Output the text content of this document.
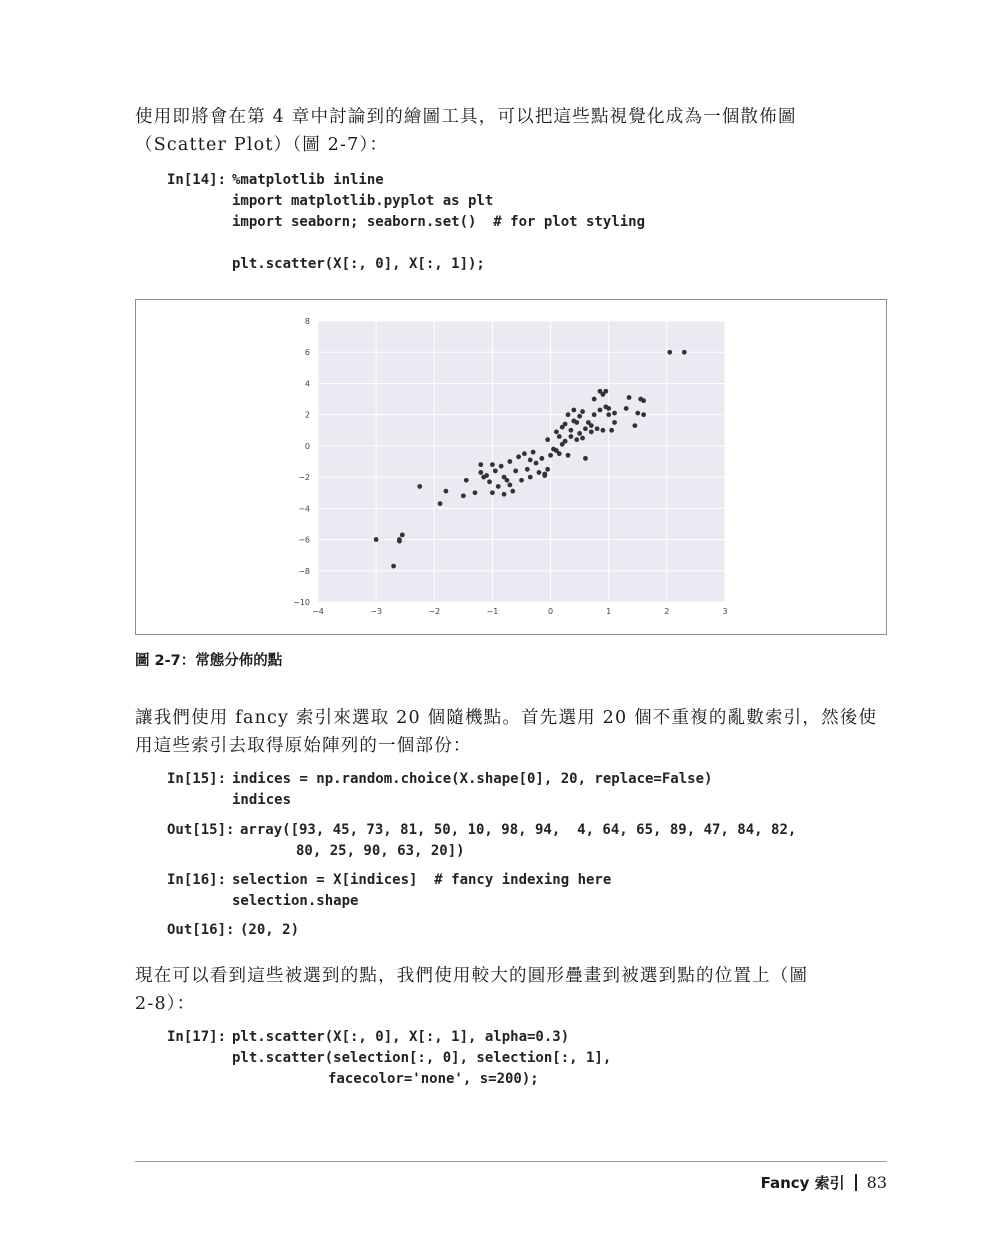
使用即將會在第 4 章中討論到的繪圖工具，可以把這些點視覺化成為一個散佈圖
（Scatter Plot）（圖 2-7）：
In[14]: %matplotlib inline
import matplotlib.pyplot as plt
import seaborn; seaborn.set()  # for plot styling
plt.scatter(X[:, 0], X[:, 1]);
−4	−3	−2	−1	0	1	2	3
8
6
4
2
0
−2
−4
−6
−8
−10
圖 2-7：常態分佈的點
讓我們使用 fancy 索引來選取 20 個隨機點。首先選用 20 個不重複的亂數索引，然後使
用這些索引去取得原始陣列的一個部份：
In[15]: indices = np.random.choice(X.shape[0], 20, replace=False)
indices
Out[15]: array([93, 45, 73, 81, 50, 10, 98, 94,  4, 64, 65, 89, 47, 84, 82,
80, 25, 90, 63, 20])
In[16]: selection = X[indices]  # fancy indexing here
selection.shape
Out[16]: (20, 2)
現在可以看到這些被選到的點，我們使用較大的圓形疊畫到被選到點的位置上（圖
2-8）：
In[17]: plt.scatter(X[:, 0], X[:, 1], alpha=0.3)
plt.scatter(selection[:, 0], selection[:, 1],
facecolor='none', s=200);
Fancy 索引 83
